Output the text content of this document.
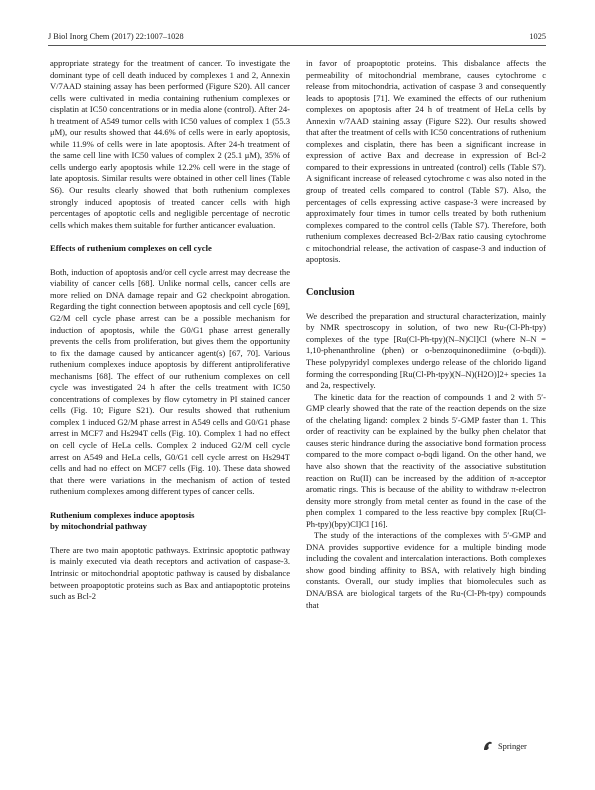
J Biol Inorg Chem (2017) 22:1007–1028	1025

appropriate strategy for the treatment of cancer. To investigate the dominant type of cell death induced by complexes 1 and 2, Annexin V/7AAD staining assay has been performed (Figure S20). All cancer cells were cultivated in media containing ruthenium complexes or cisplatin at IC50 concentrations or in media alone (control). After 24-h treatment of A549 tumor cells with IC50 values of complex 1 (55.3 μM), our results showed that 44.6% of cells were in early apoptosis, while 11.9% of cells were in late apoptosis. After 24-h treatment of the same cell line with IC50 values of complex 2 (25.1 μM), 35% of cells undergo early apoptosis while 12.2% cell were in the stage of late apoptosis. Similar results were obtained in other cell lines (Table S6). Our results clearly showed that both ruthenium complexes strongly induced apoptosis of treated cancer cells with high percentages of apoptotic cells and negligible percentage of necrotic cells which makes them suitable for further anticancer evaluation.

Effects of ruthenium complexes on cell cycle

Both, induction of apoptosis and/or cell cycle arrest may decrease the viability of cancer cells [68]. Unlike normal cells, cancer cells are more relied on DNA damage repair and G2 checkpoint abrogation. Regarding the tight connection between apoptosis and cell cycle [69], G2/M cell cycle phase arrest can be a possible mechanism for induction of apoptosis, while the G0/G1 phase arrest generally prevents the cells from proliferation, but gives them the opportunity to fix the damage caused by anticancer agent(s) [67, 70]. Various ruthenium complexes induce apoptosis by different antiproliferative mechanisms [68]. The effect of our ruthenium complexes on cell cycle was investigated 24 h after the cells treatment with IC50 concentrations of complexes by flow cytometry in PI stained cancer cells (Fig. 10; Figure S21). Our results showed that ruthenium complex 1 induced G2/M phase arrest in A549 cells and G0/G1 phase arrest in MCF7 and Hs294T cells (Fig. 10). Complex 1 had no effect on cell cycle of HeLa cells. Complex 2 induced G2/M cell cycle arrest on A549 and HeLa cells, G0/G1 cell cycle arrest on Hs294T cells and had no effect on MCF7 cells (Fig. 10). These data showed that there were variations in the mechanism of action of tested ruthenium complexes among different types of cancer cells.

Ruthenium complexes induce apoptosis
by mitochondrial pathway

There are two main apoptotic pathways. Extrinsic apoptotic pathway is mainly executed via death receptors and activation of caspase-3. Intrinsic or mitochondrial apoptotic pathway is caused by disbalance between proapoptotic proteins such as Bax and antiapoptotic proteins such as Bcl-2

in favor of proapoptotic proteins. This disbalance affects the permeability of mitochondrial membrane, causes cytochrome c release from mitochondria, activation of caspase 3 and consequently leads to apoptosis [71]. We examined the effects of our ruthenium complexes on apoptosis after 24 h of treatment of HeLa cells by Annexin v/7AAD staining assay (Figure S22). Our results showed that after the treatment of cells with IC50 concentrations of ruthenium complexes and cisplatin, there has been a significant increase in expression of active Bax and decrease in expression of Bcl-2 compared to their expressions in untreated (control) cells (Table S7). A significant increase of released cytochrome c was also noted in the group of treated cells compared to control (Table S7). Also, the percentages of cells expressing active caspase-3 were increased by approximately four times in tumor cells treated by both ruthenium complexes compared to the control cells (Table S7). Therefore, both ruthenium complexes decreased Bcl-2/Bax ratio causing cytochrome c mitochondrial release, the activation of caspase-3 and induction of apoptosis.

Conclusion

We described the preparation and structural characterization, mainly by NMR spectroscopy in solution, of two new Ru-(Cl-Ph-tpy) complexes of the type [Ru(Cl-Ph-tpy)(N–N)Cl]Cl (where N–N = 1,10-phenanthroline (phen) or o-benzoquinonediimine (o-bqdi)). These polypyridyl complexes undergo release of the chlorido ligand forming the corresponding [Ru(Cl-Ph-tpy)(N–N)(H2O)]2+ species 1a and 2a, respectively.

The kinetic data for the reaction of compounds 1 and 2 with 5′-GMP clearly showed that the rate of the reaction depends on the size of the chelating ligand: complex 2 binds 5′-GMP faster than 1. This order of reactivity can be explained by the bulky phen chelator that causes steric hindrance during the associative bond formation process compared to the more compact o-bqdi ligand. On the other hand, we have also shown that the reactivity of the associative substitution reaction on Ru(II) can be increased by the addition of π-acceptor aromatic rings. This is because of the ability to withdraw π-electron density more strongly from metal center as found in the case of the phen complex 1 compared to the less reactive bpy complex [Ru(Cl-Ph-tpy)(bpy)Cl]Cl [16].

The study of the interactions of the complexes with 5′-GMP and DNA provides supportive evidence for a multiple binding mode including the covalent and intercalation interactions. Both complexes show good binding affinity to BSA, with relatively high binding constants. Overall, our study implies that biomolecules such as DNA/BSA are biological targets of the Ru-(Cl-Ph-tpy) compounds that

Springer
